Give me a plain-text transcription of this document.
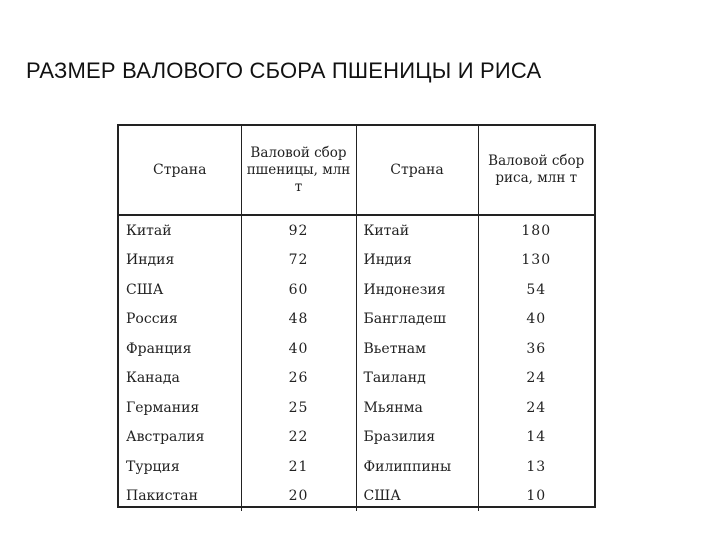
РАЗМЕР ВАЛОВОГО СБОРА ПШЕНИЦЫ И РИСА
Страна	Валовой сбор пшеницы, млн т	Страна	Валовой сбор риса, млн т
Китай	92	Китай	180
Индия	72	Индия	130
США	60	Индонезия	54
Россия	48	Бангладеш	40
Франция	40	Вьетнам	36
Канада	26	Таиланд	24
Германия	25	Мьянма	24
Австралия	22	Бразилия	14
Турция	21	Филиппины	13
Пакистан	20	США	10
